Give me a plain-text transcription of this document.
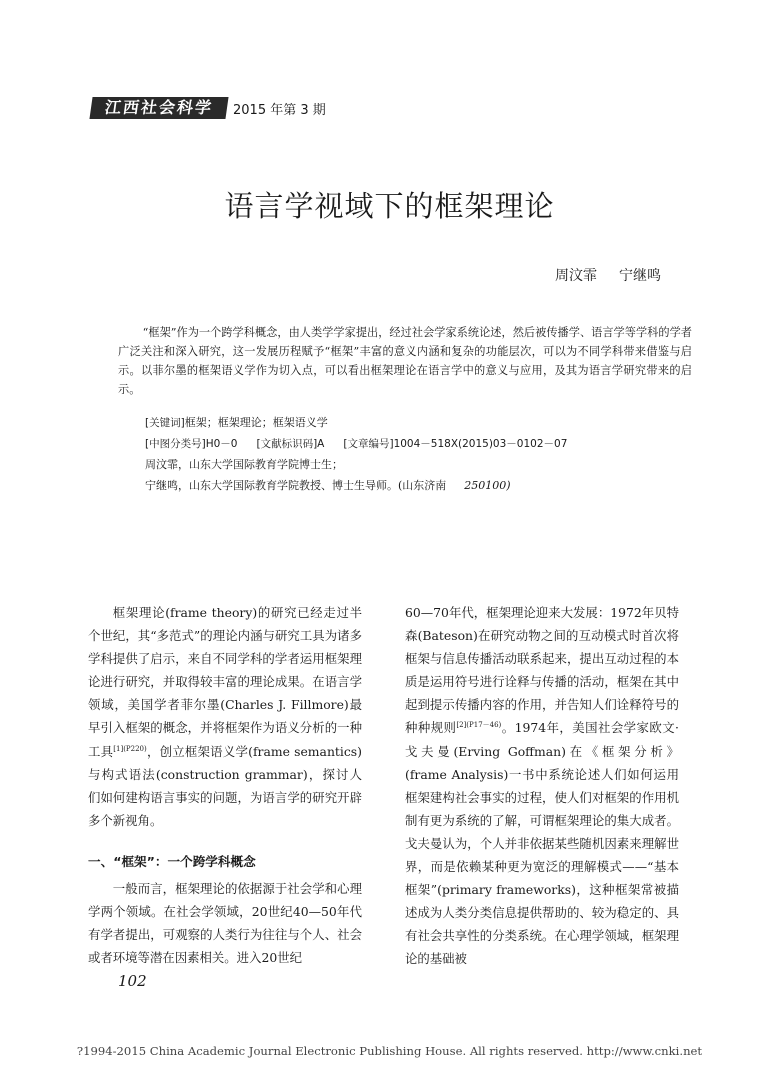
江西社会科学	2015 年第 3 期
语言学视域下的框架理论
周汶霏 宁继鸣
“框架”作为一个跨学科概念，由人类学学家提出，经过社会学家系统论述，然后被传播学、语言学等学科的学者广泛关注和深入研究，这一发展历程赋予“框架”丰富的意义内涵和复杂的功能层次，可以为不同学科带来借鉴与启示。以菲尔墨的框架语义学作为切入点，可以看出框架理论在语言学中的意义与应用，及其为语言学研究带来的启示。
[关键词]框架；框架理论；框架语义学
[中图分类号]H0－0 [文献标识码]A [文章编号]1004－518X(2015)03－0102－07
周汶霏，山东大学国际教育学院博士生；
宁继鸣，山东大学国际教育学院教授、博士生导师。(山东济南 250100)

框架理论(frame theory)的研究已经走过半个世纪，其“多范式”的理论内涵与研究工具为诸多学科提供了启示，来自不同学科的学者运用框架理论进行研究，并取得较丰富的理论成果。在语言学领域，美国学者菲尔墨(Charles J. Fillmore)最早引入框架的概念，并将框架作为语义分析的一种工具$^{[1](P220)}$，创立框架语义学(frame semantics)与构式语法(construction grammar)，探讨人们如何建构语言事实的问题，为语言学的研究开辟多个新视角。

一、“框架”：一个跨学科概念

一般而言，框架理论的依据源于社会学和心理学两个领域。在社会学领域，20世纪40—50年代有学者提出，可观察的人类行为往往与个人、社会或者环境等潜在因素相关。进入20世纪

60—70年代，框架理论迎来大发展：1972年贝特森(Bateson)在研究动物之间的互动模式时首次将框架与信息传播活动联系起来，提出互动过程的本质是运用符号进行诠释与传播的活动，框架在其中起到提示传播内容的作用，并告知人们诠释符号的种种规则$^{[2](P17-46)}$。1974年，美国社会学家欧文·戈夫曼(Erving Goffman)在《框架分析》(frame Analysis)一书中系统论述人们如何运用框架建构社会事实的过程，使人们对框架的作用机制有更为系统的了解，可谓框架理论的集大成者。戈夫曼认为，个人并非依据某些随机因素来理解世界，而是依赖某种更为宽泛的理解模式——“基本框架”(primary frameworks)，这种框架常被描述成为人类分类信息提供帮助的、较为稳定的、具有社会共享性的分类系统。在心理学领域，框架理论的基础被

102
?1994-2015 China Academic Journal Electronic Publishing House. All rights reserved. http://www.cnki.net
